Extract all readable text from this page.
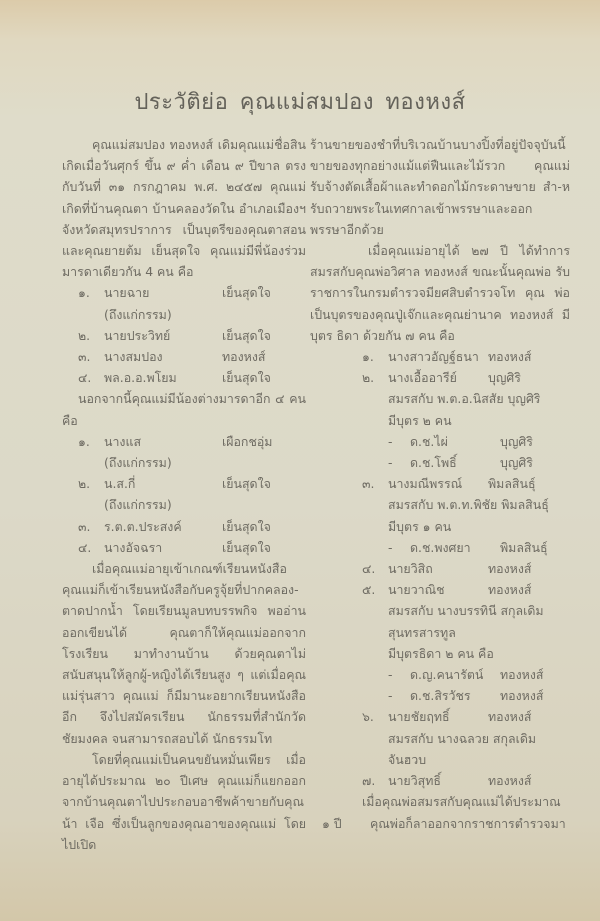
ประวัติย่อ คุณแม่สมปอง ทองหงส์

คุณแม่สมปอง ทองหงส์ เดิมคุณแม่ชื่อสิน เกิดเมื่อวันศุกร์ ขึ้น ๙ ค่ำ เดือน ๙ ปีขาล ตรงกับวันที่ ๓๑ กรกฎาคม พ.ศ. ๒๔๕๗ คุณแม่ เกิดที่บ้านคุณตา บ้านคลองวัดใน อำเภอเมืองฯ จังหวัดสมุทรปราการ เป็นบุตรีของคุณตาสอน และคุณยายต้ม เย็นสุดใจ คุณแม่มีพี่น้องร่วม มารดาเดียวกัน 4 คน คือ

๑.	นายฉาย	เย็นสุดใจ
(ถึงแก่กรรม)
๒.	นายประวิทย์	เย็นสุดใจ
๓.	นางสมปอง	ทองหงส์
๔.	พล.อ.อ.พโยม	เย็นสุดใจ

นอกจากนี้คุณแม่มีน้องต่างมารดาอีก ๔ คน คือ

๑.	นางแส	เผือกชอุ่ม
(ถึงแก่กรรม)
๒.	น.ส.กี่	เย็นสุดใจ
(ถึงแก่กรรม)
๓.	ร.ต.ต.ประสงค์	เย็นสุดใจ
๔.	นางอัจฉรา	เย็นสุดใจ

เมื่อคุณแม่อายุเข้าเกณฑ์เรียนหนังสือ คุณแม่ก็เข้าเรียนหนังสือกับครูจุ้ยที่ปากคลอง-ตาดปากน้ำ โดยเรียนมูลบทบรรพกิจ พออ่าน ออกเขียนได้ คุณตาก็ให้คุณแม่ออกจากโรงเรียน มาทำงานบ้าน ด้วยคุณตาไม่สนับสนุนให้ลูกผู้-หญิงได้เรียนสูง ๆ แต่เมื่อคุณแม่รุ่นสาว คุณแม่ ก็มีมานะอยากเรียนหนังสืออีก จึงไปสมัครเรียน นักธรรมที่สำนักวัดชัยมงคล จนสามารถสอบได้ นักธรรมโท

โดยที่คุณแม่เป็นคนขยันหมั่นเพียร เมื่อ อายุได้ประมาณ ๒๐ ปีเศษ คุณแม่ก็แยกออก จากบ้านคุณตาไปประกอบอาชีพค้าขายกับคุณน้า เจือ ซึ่งเป็นลูกของคุณอาของคุณแม่ โดยไปเปิด

ร้านขายของชำที่บริเวณบ้านบางปิ้งที่อยู่ปัจจุบันนี้ ขายของทุกอย่างแม้แต่ฟืนและไม้รวก คุณแม่ รับจ้างตัดเสื้อผ้าและทำดอกไม้กระดาษขาย สำ-หรับถวายพระในเทศกาลเข้าพรรษาและออก พรรษาอีกด้วย

เมื่อคุณแม่อายุได้ ๒๗ ปี ได้ทำการ สมรสกับคุณพ่อวิศาล ทองหงส์ ขณะนั้นคุณพ่อ รับราชการในกรมตำรวจมียศสิบตำรวจโท คุณ พ่อเป็นบุตรของคุณปู่เจ๊กและคุณย่านาค ทองหงส์ มีบุตร ธิดา ด้วยกัน ๗ คน คือ

๑.	นางสาวอัญฐ์ธนา ทองหงส์
๒.	นางเอื้ออารีย์	บุญศิริ
สมรสกับ พ.ต.อ.นิสสัย บุญศิริ
มีบุตร ๒ คน
-	ด.ช.ไผ่	บุญศิริ
-	ด.ช.โพธิ์	บุญศิริ
๓.	นางมณีพรรณ์	พิมลสินธุ์
สมรสกับ พ.ต.ท.พิชัย พิมลสินธุ์
มีบุตร ๑ คน
-	ด.ช.พงศยา	พิมลสินธุ์
๔.	นายวิสิถ	ทองหงส์
๕.	นายวาณิช	ทองหงส์
สมรสกับ นางบรรทินี สกุลเดิม
สุนทรสารทูล
มีบุตรธิดา ๒ คน คือ
-	ด.ญ.คนารัตน์	ทองหงส์
-	ด.ช.สิรวัชร	ทองหงส์
๖.	นายชัยฤทธิ์	ทองหงส์
สมรสกับ นางฉลวย สกุลเดิม
จันฮวบ
๗.	นายวิสุทธิ์	ทองหงส์
เมื่อคุณพ่อสมรสกับคุณแม่ได้ประมาณ
๑ ปี	คุณพ่อก็ลาออกจากราชการตำรวจมา
